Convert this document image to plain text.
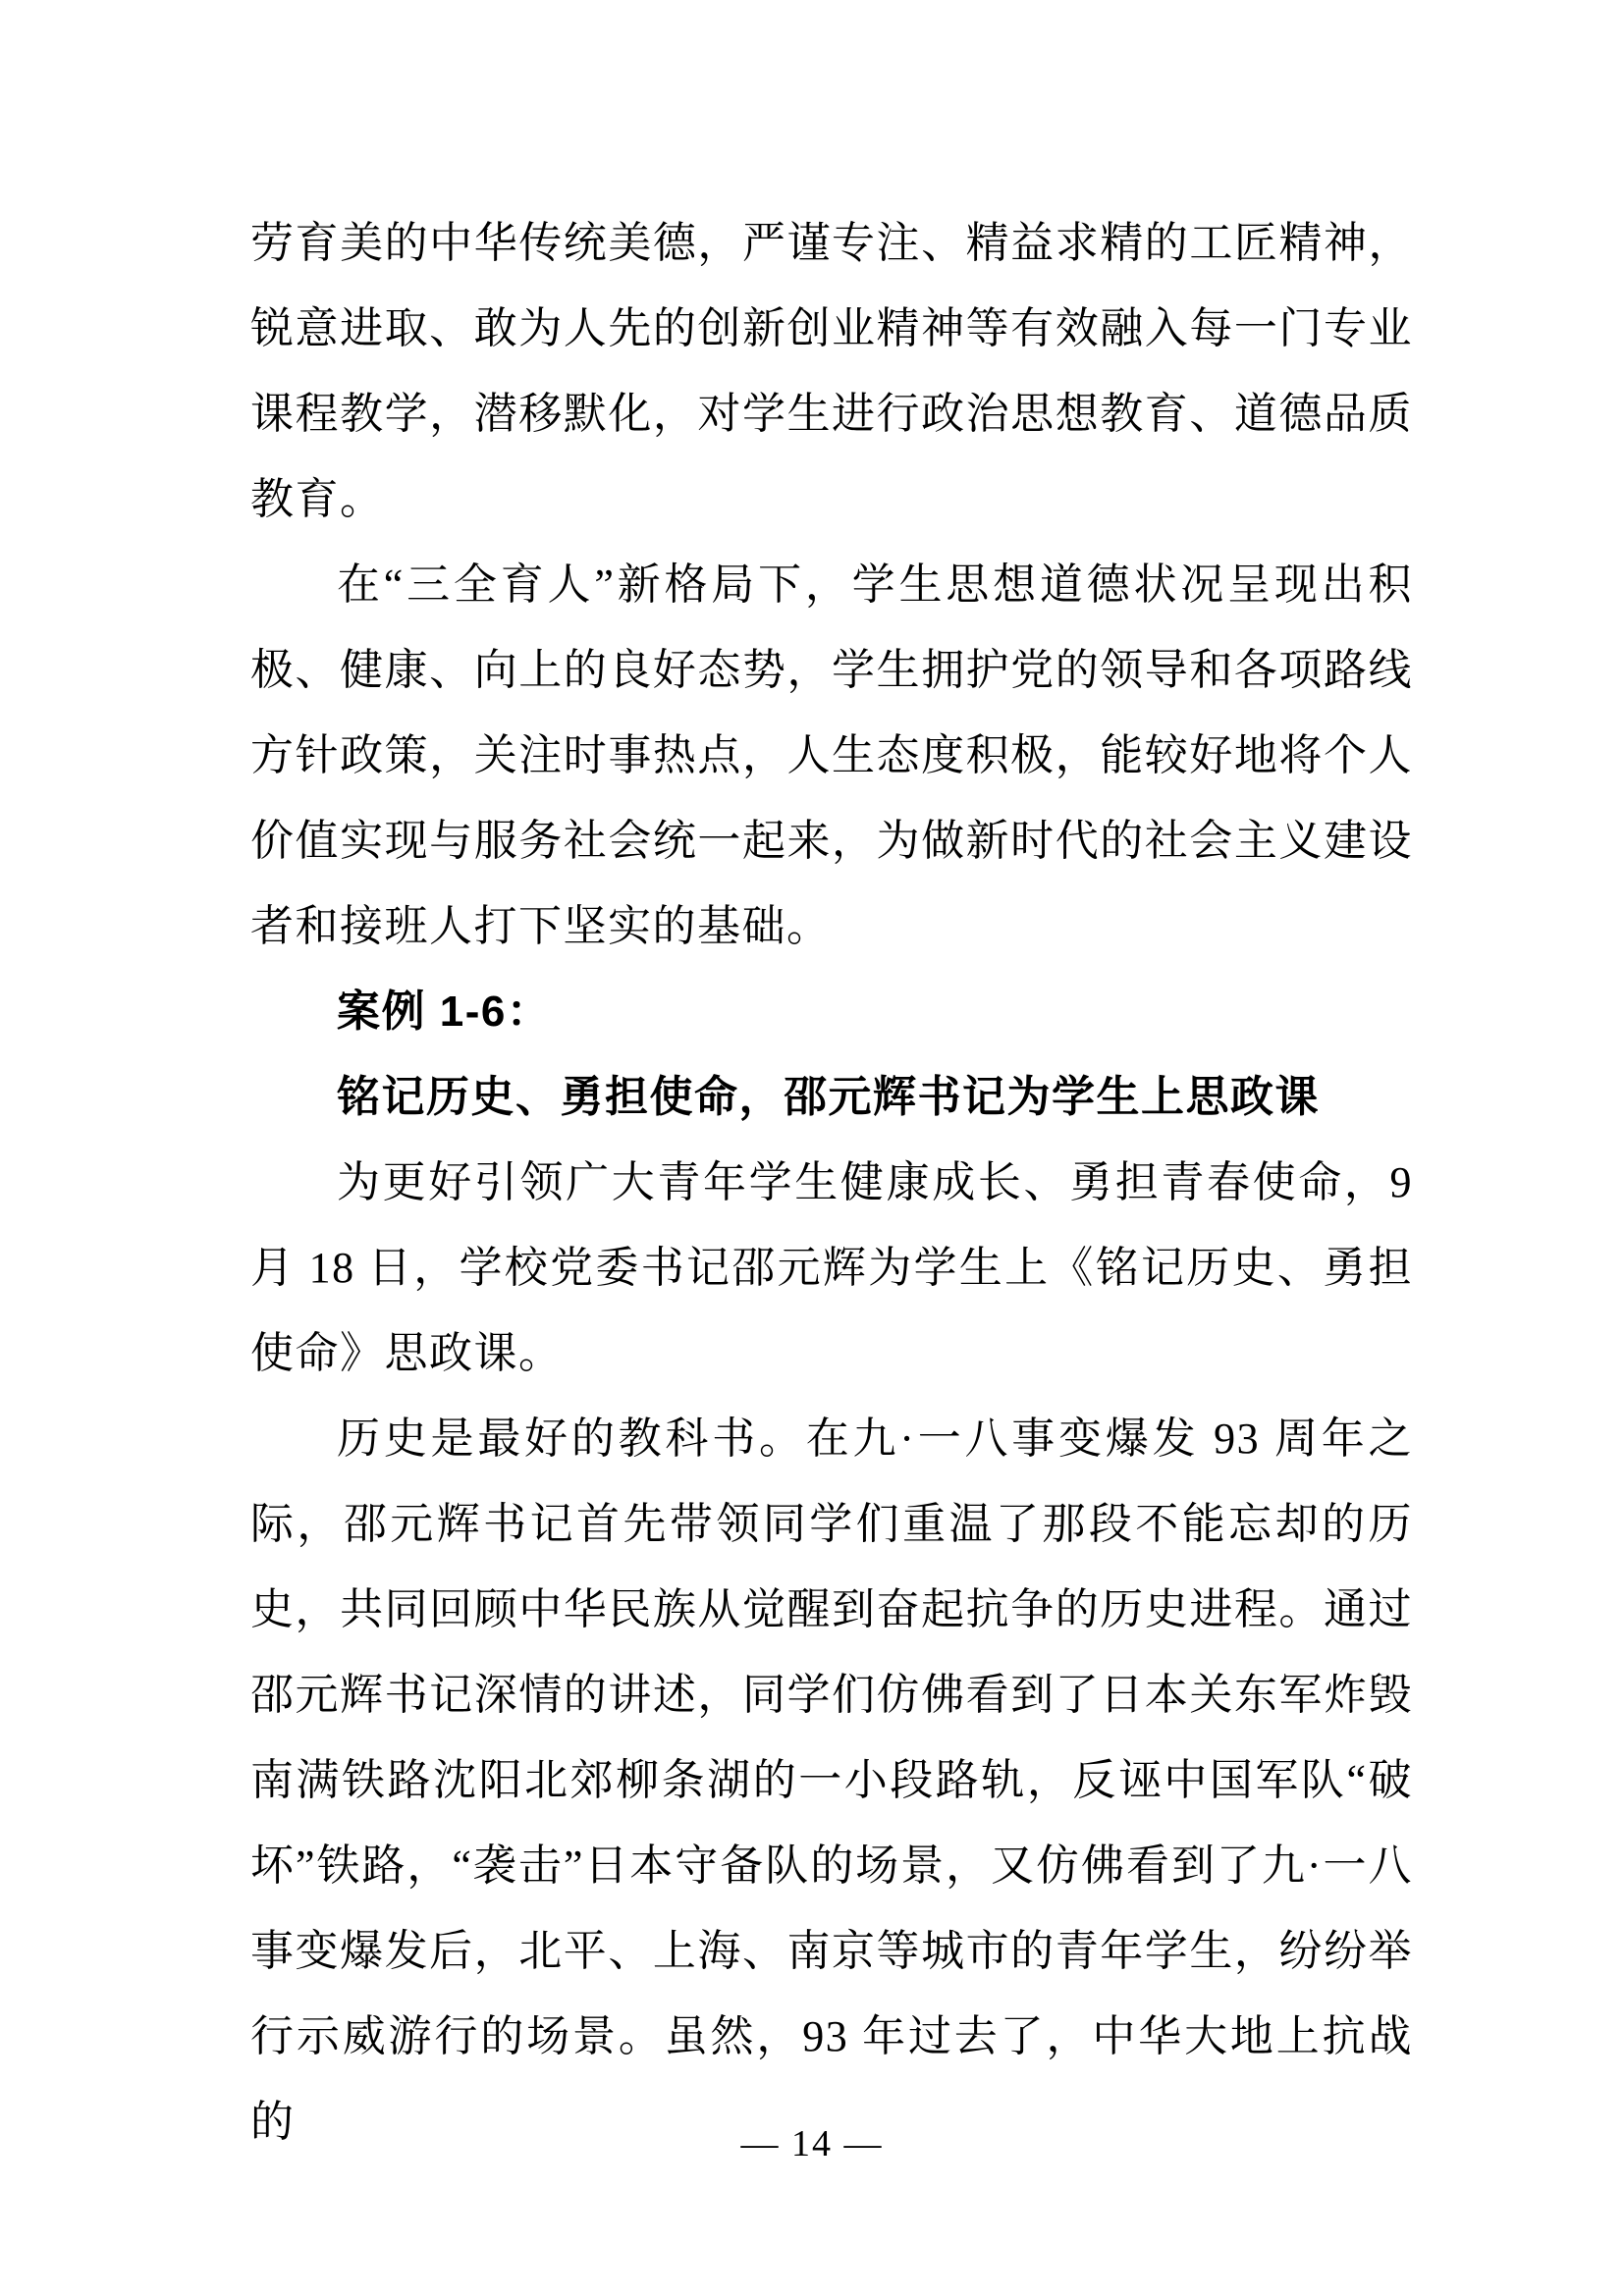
劳育美的中华传统美德，严谨专注、精益求精的工匠精神，锐意进取、敢为人先的创新创业精神等有效融入每一门专业课程教学，潜移默化，对学生进行政治思想教育、道德品质教育。

在“三全育人”新格局下，学生思想道德状况呈现出积极、健康、向上的良好态势，学生拥护党的领导和各项路线方针政策，关注时事热点，人生态度积极，能较好地将个人价值实现与服务社会统一起来，为做新时代的社会主义建设者和接班人打下坚实的基础。

案例 1-6：

铭记历史、勇担使命，邵元辉书记为学生上思政课

为更好引领广大青年学生健康成长、勇担青春使命，9 月 18 日，学校党委书记邵元辉为学生上《铭记历史、勇担使命》思政课。

历史是最好的教科书。在九·一八事变爆发 93 周年之际，邵元辉书记首先带领同学们重温了那段不能忘却的历史，共同回顾中华民族从觉醒到奋起抗争的历史进程。通过邵元辉书记深情的讲述，同学们仿佛看到了日本关东军炸毁南满铁路沈阳北郊柳条湖的一小段路轨，反诬中国军队“破坏”铁路，“袭击”日本守备队的场景，又仿佛看到了九·一八事变爆发后，北平、上海、南京等城市的青年学生，纷纷举行示威游行的场景。虽然，93 年过去了，中华大地上抗战的	— 14 —
